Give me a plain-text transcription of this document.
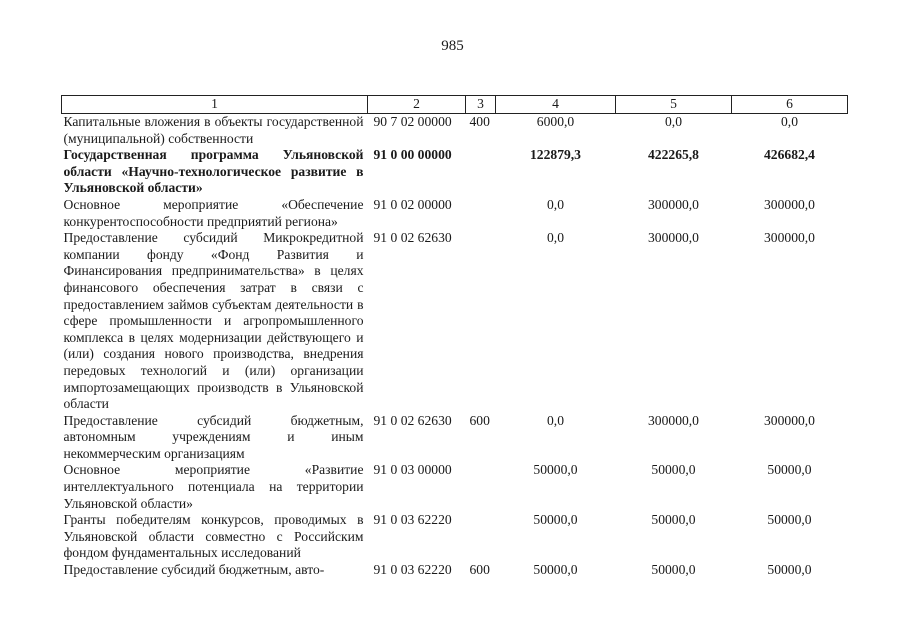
985
1	2	3	4	5	6
Капитальные вложения в объекты государственной (муниципальной) собственности	90 7 02 00000	400	6000,0	0,0	0,0
Государственная программа Ульяновской области «Научно-технологическое развитие в Ульяновской области»	91 0 00 00000		122879,3	422265,8	426682,4
Основное мероприятие «Обеспечение конкурентоспособности предприятий региона»	91 0 02 00000		0,0	300000,0	300000,0
Предоставление субсидий Микрокредитной компании фонду «Фонд Развития и Финансирования предпринимательства» в целях финансового обеспечения затрат в связи с предоставлением займов субъектам деятельности в сфере промышленности и агропромышленного комплекса в целях модернизации действующего и (или) создания нового производства, внедрения передовых технологий и (или) организации импортозамещающих производств в Ульяновской области	91 0 02 62630		0,0	300000,0	300000,0
Предоставление субсидий бюджетным, автономным учреждениям и иным некоммерческим организациям	91 0 02 62630	600	0,0	300000,0	300000,0
Основное мероприятие «Развитие интеллектуального потенциала на территории Ульяновской области»	91 0 03 00000		50000,0	50000,0	50000,0
Гранты победителям конкурсов, проводимых в Ульяновской области совместно с Российским фондом фундаментальных исследований	91 0 03 62220		50000,0	50000,0	50000,0
Предоставление субсидий бюджетным, авто-	91 0 03 62220	600	50000,0	50000,0	50000,0
